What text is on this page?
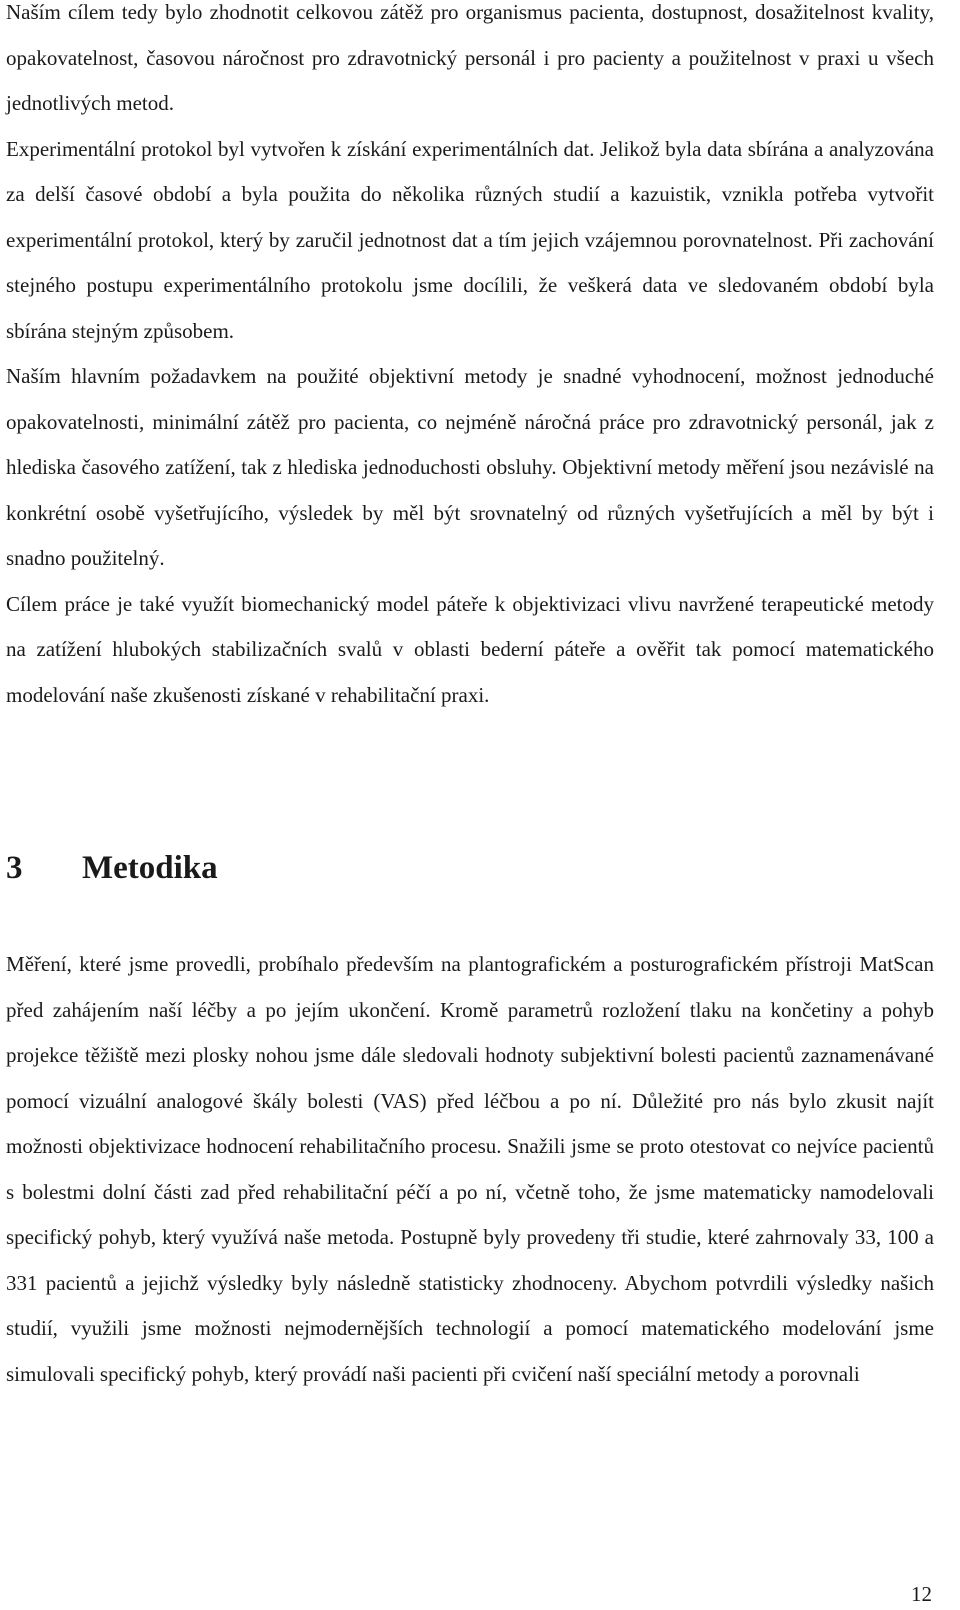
Naším cílem tedy bylo zhodnotit celkovou zátěž pro organismus pacienta, dostupnost, dosažitelnost kvality, opakovatelnost, časovou náročnost pro zdravotnický personál i pro pacienty a použitelnost v praxi u všech jednotlivých metod.

Experimentální protokol byl vytvořen k získání experimentálních dat. Jelikož byla data sbírána a analyzována za delší časové období a byla použita do několika různých studií a kazuistik, vznikla potřeba vytvořit experimentální protokol, který by zaručil jednotnost dat a tím jejich vzájemnou porovnatelnost. Při zachování stejného postupu experimentálního protokolu jsme docílili, že veškerá data ve sledovaném období byla sbírána stejným způsobem.

Naším hlavním požadavkem na použité objektivní metody je snadné vyhodnocení, možnost jednoduché opakovatelnosti, minimální zátěž pro pacienta, co nejméně náročná práce pro zdravotnický personál, jak z hlediska časového zatížení, tak z hlediska jednoduchosti obsluhy. Objektivní metody měření jsou nezávislé na konkrétní osobě vyšetřujícího, výsledek by měl být srovnatelný od různých vyšetřujících a měl by být i snadno použitelný.

Cílem práce je také využít biomechanický model páteře k objektivizaci vlivu navržené terapeutické metody na zatížení hlubokých stabilizačních svalů v oblasti bederní páteře a ověřit tak pomocí matematického modelování naše zkušenosti získané v rehabilitační praxi.

3 Metodika

Měření, které jsme provedli, probíhalo především na plantografickém a posturografickém přístroji MatScan před zahájením naší léčby a po jejím ukončení. Kromě parametrů rozložení tlaku na končetiny a pohyb projekce těžiště mezi plosky nohou jsme dále sledovali hodnoty subjektivní bolesti pacientů zaznamenávané pomocí vizuální analogové škály bolesti (VAS) před léčbou a po ní. Důležité pro nás bylo zkusit najít možnosti objektivizace hodnocení rehabilitačního procesu. Snažili jsme se proto otestovat co nejvíce pacientů s bolestmi dolní části zad před rehabilitační péčí a po ní, včetně toho, že jsme matematicky namodelovali specifický pohyb, který využívá naše metoda. Postupně byly provedeny tři studie, které zahrnovaly 33, 100 a 331 pacientů a jejichž výsledky byly následně statisticky zhodnoceny. Abychom potvrdili výsledky našich studií, využili jsme možnosti nejmodernějších technologií a pomocí matematického modelování jsme simulovali specifický pohyb, který provádí naši pacienti při cvičení naší speciální metody a porovnali

12
